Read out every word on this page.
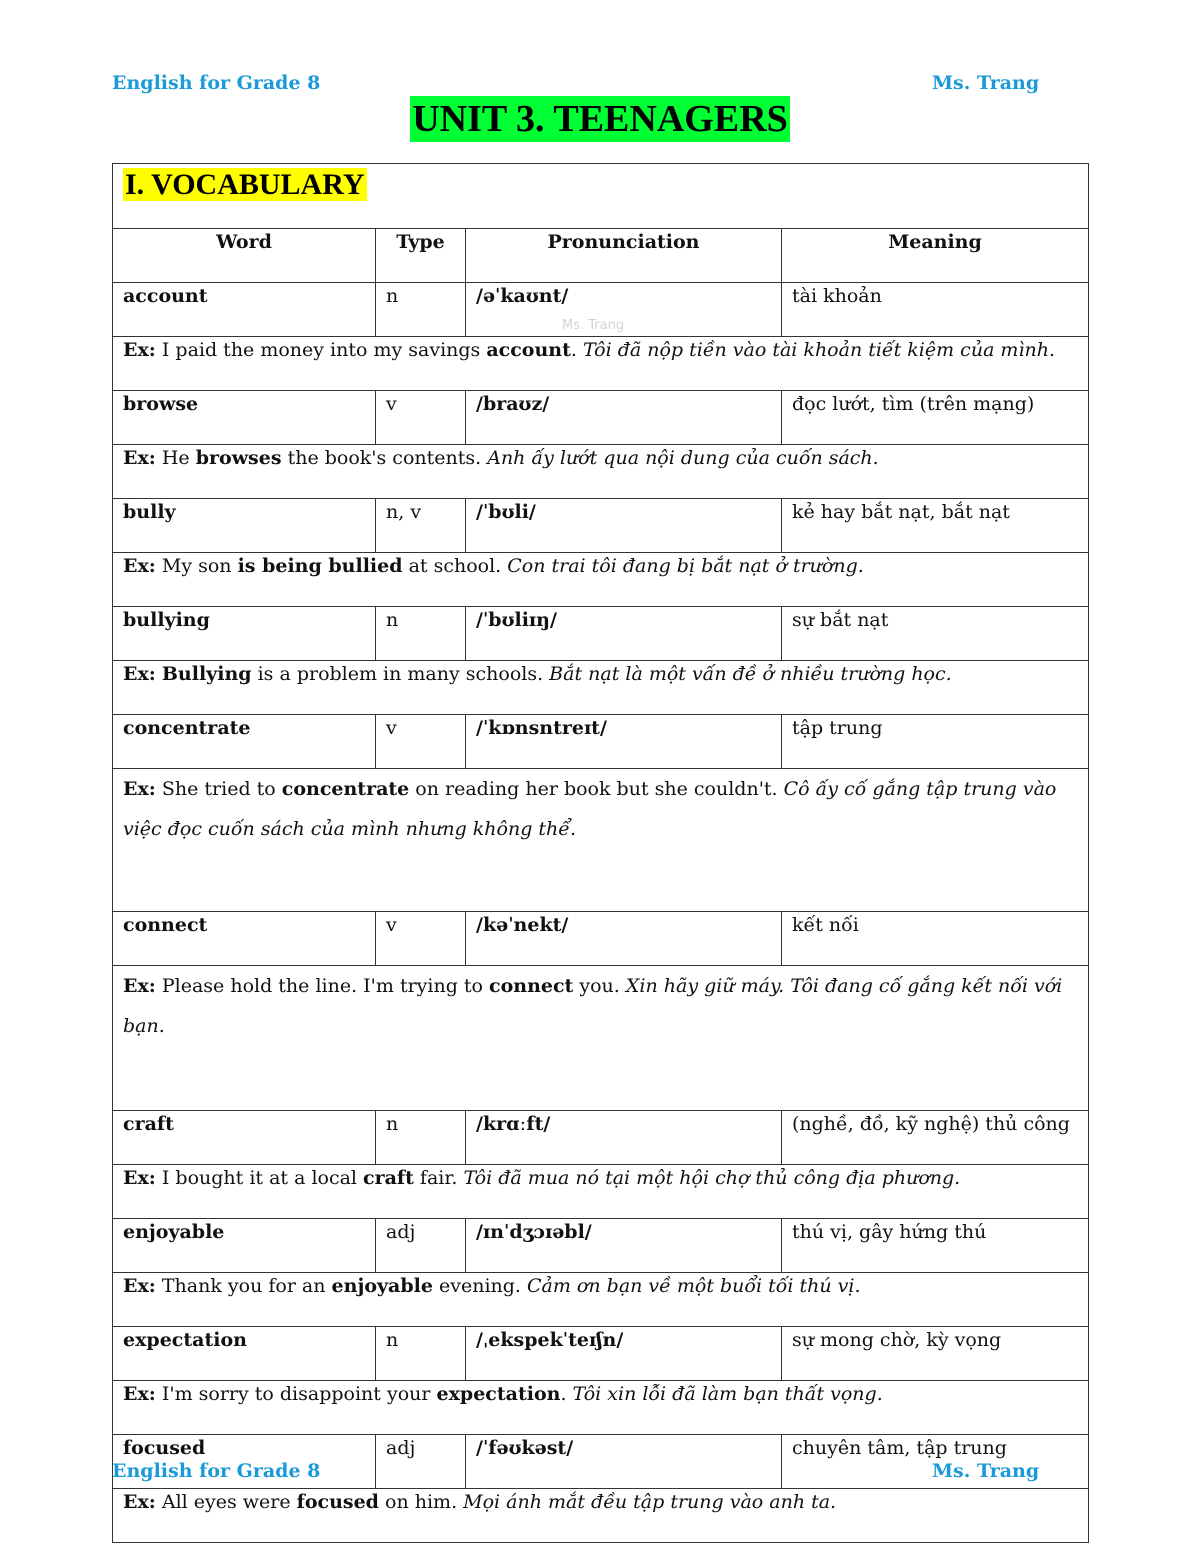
English for Grade 8	Ms. Trang
UNIT 3. TEENAGERS
Ms. Trang
I. VOCABULARY			
Word	Type	Pronunciation	Meaning
account	n	/əˈkaʊnt/	tài khoản
Ex: I paid the money into my savings account. Tôi đã nộp tiền vào tài khoản tiết kiệm của mình.			
browse	v	/braʊz/	đọc lướt, tìm (trên mạng)
Ex: He browses the book's contents. Anh ấy lướt qua nội dung của cuốn sách.			
bully	n, v	/ˈbʊli/	kẻ hay bắt nạt, bắt nạt
Ex: My son is being bullied at school. Con trai tôi đang bị bắt nạt ở trường.			
bullying	n	/ˈbʊliɪŋ/	sự bắt nạt
Ex: Bullying is a problem in many schools. Bắt nạt là một vấn đề ở nhiều trường học.			
concentrate	v	/ˈkɒnsntreɪt/	tập trung
Ex: She tried to concentrate on reading her book but she couldn't. Cô ấy cố gắng tập trung vào việc đọc cuốn sách của mình nhưng không thể.			
connect	v	/kəˈnekt/	kết nối
Ex: Please hold the line. I'm trying to connect you. Xin hãy giữ máy. Tôi đang cố gắng kết nối với bạn.			
craft	n	/krɑːft/	(nghề, đồ, kỹ nghệ) thủ công
Ex: I bought it at a local craft fair. Tôi đã mua nó tại một hội chợ thủ công địa phương.			
enjoyable	adj	/ɪnˈdʒɔɪəbl/	thú vị, gây hứng thú
Ex: Thank you for an enjoyable evening. Cảm ơn bạn về một buổi tối thú vị.			
expectation	n	/ˌekspekˈteɪʃn/	sự mong chờ, kỳ vọng
Ex: I'm sorry to disappoint your expectation. Tôi xin lỗi đã làm bạn thất vọng.			
focused	adj	/ˈfəʊkəst/	chuyên tâm, tập trung
Ex: All eyes were focused on him. Mọi ánh mắt đều tập trung vào anh ta.			
English for Grade 8	Ms. Trang
